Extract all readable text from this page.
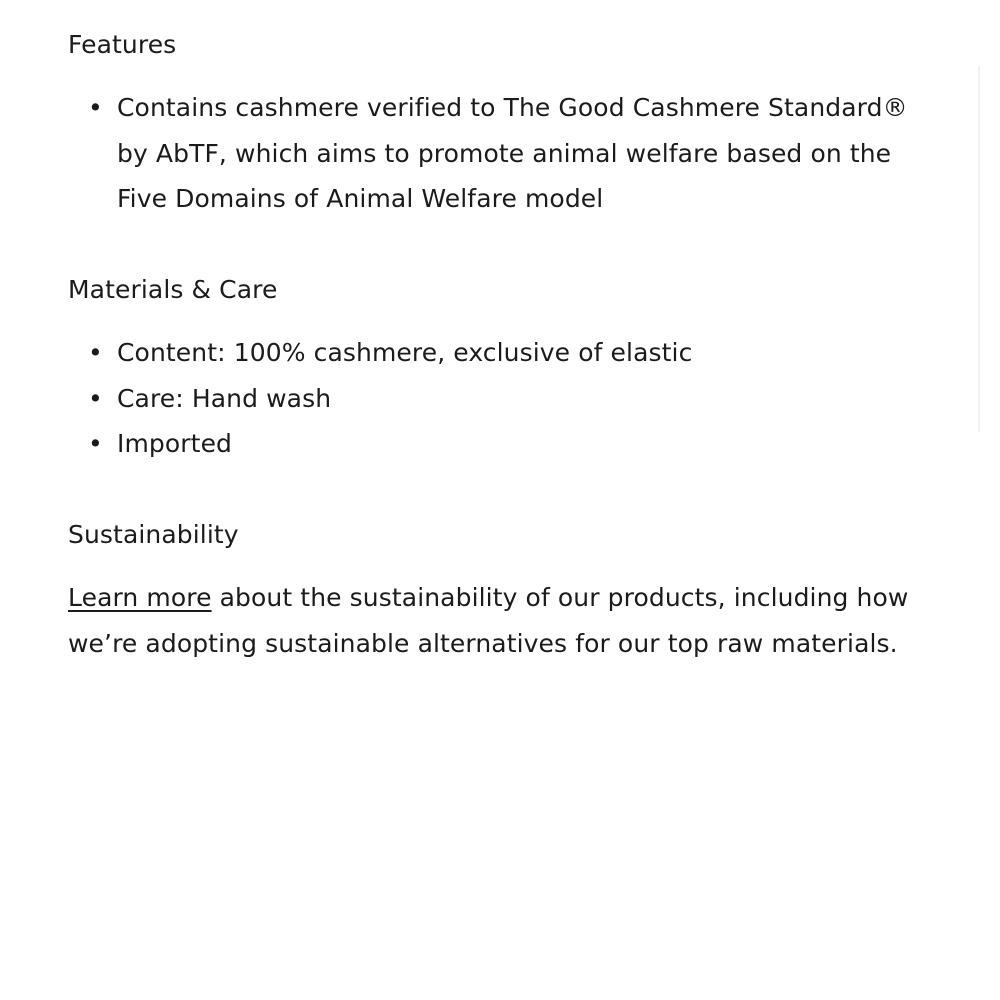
Features
• Contains cashmere verified to The Good Cashmere Standard® by AbTF, which aims to promote animal welfare based on the Five Domains of Animal Welfare model
Materials & Care
• Content: 100% cashmere, exclusive of elastic
• Care: Hand wash
• Imported
Sustainability

Learn more about the sustainability of our products, including how we’re adopting sustainable alternatives for our top raw materials.
